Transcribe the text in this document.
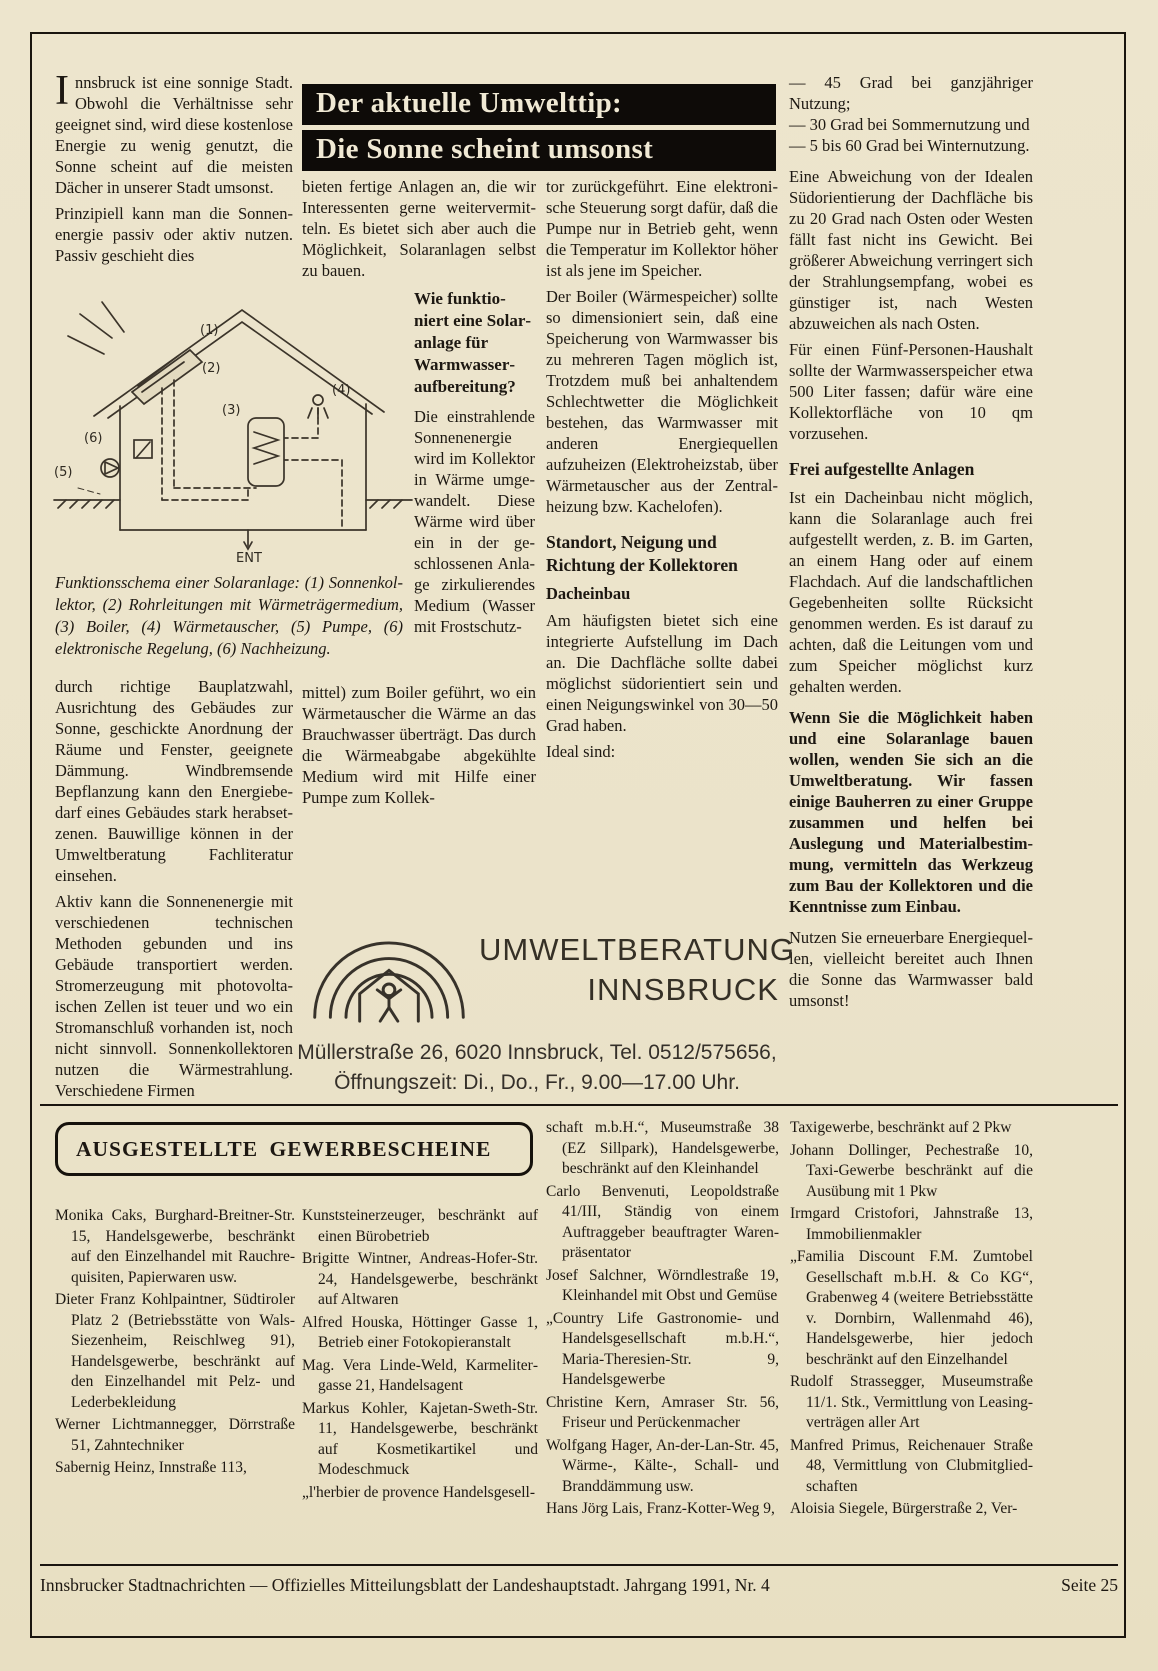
Innsbruck ist eine sonnige Stadt. Obwohl die Verhältnisse sehr geeignet sind, wird diese kostenlose Energie zu wenig genutzt, die Sonne scheint auf die meisten Dächer in unserer Stadt umsonst.

Prinzipiell kann man die Sonnenenergie passiv oder aktiv nutzen. Passiv geschieht dies

Der aktuelle Umwelttip:
Die Sonne scheint umsonst

bieten fertige Anlagen an, die wir Interessenten gerne weitervermitteln. Es bietet sich aber auch die Möglichkeit, Solaranlagen selbst zu bauen.

Wie funktioniert eine Solaranlage für Warmwasseraufbereitung?

Die einstrahlende Sonnenenergie wird im Kollektor in Wärme umgewandelt. Diese Wärme wird über ein in der geschlossenen Anlage zirkulierendes Medium (Wasser mit Frostschutz-

(1)
(2)
(3)
(4)
(5)
(6)
ENT

Funktionsschema einer Solaranlage: (1) Sonnenkollektor, (2) Rohrleitungen mit Wärmeträgermedium, (3) Boiler, (4) Wärmetauscher, (5) Pumpe, (6) elektronische Regelung, (6) Nachheizung.

durch richtige Bauplatzwahl, Ausrichtung des Gebäudes zur Sonne, geschickte Anordnung der Räume und Fenster, geeignete Dämmung. Windbremsende Bepflanzung kann den Energiebedarf eines Gebäudes stark herabsetzenen. Bauwillige können in der Umweltberatung Fachliteratur einsehen.

Aktiv kann die Sonnenenergie mit verschiedenen technischen Methoden gebunden und ins Gebäude transportiert werden. Stromerzeugung mit photovoltaischen Zellen ist teuer und wo ein Stromanschluß vorhanden ist, noch nicht sinnvoll. Sonnenkollektoren nutzen die Wärmestrahlung. Verschiedene Firmen

mittel) zum Boiler geführt, wo ein Wärmetauscher die Wärme an das Brauchwasser überträgt. Das durch die Wärmeabgabe abgekühlte Medium wird mit Hilfe einer Pumpe zum Kollek-

tor zurückgeführt. Eine elektronische Steuerung sorgt dafür, daß die Pumpe nur in Betrieb geht, wenn die Temperatur im Kollektor höher ist als jene im Speicher.

Der Boiler (Wärmespeicher) sollte so dimensioniert sein, daß eine Speicherung von Warmwasser bis zu mehreren Tagen möglich ist, Trotzdem muß bei anhaltendem Schlechtwetter die Möglichkeit bestehen, das Warmwasser mit anderen Energiequellen aufzuheizen (Elektroheizstab, über Wärmetauscher aus der Zentralheizung bzw. Kachelofen).

Standort, Neigung und Richtung der Kollektoren
Dacheinbau

Am häufigsten bietet sich eine integrierte Aufstellung im Dach an. Die Dachfläche sollte dabei möglichst südorientiert sein und einen Neigungswinkel von 30—50 Grad haben.

Ideal sind:

— 45 Grad bei ganzjähriger Nutzung;

— 30 Grad bei Sommernutzung und

— 5 bis 60 Grad bei Winternutzung.

Eine Abweichung von der Idealen Südorientierung der Dachfläche bis zu 20 Grad nach Osten oder Westen fällt fast nicht ins Gewicht. Bei größerer Abweichung verringert sich der Strahlungsempfang, wobei es günstiger ist, nach Westen abzuweichen als nach Osten.

Für einen Fünf-Personen-Haushalt sollte der Warmwasserspeicher etwa 500 Liter fassen; dafür wäre eine Kollektorfläche von 10 qm vorzusehen.

Frei aufgestellte Anlagen

Ist ein Dacheinbau nicht möglich, kann die Solaranlage auch frei aufgestellt werden, z. B. im Garten, an einem Hang oder auf einem Flachdach. Auf die landschaftlichen Gegebenheiten sollte Rücksicht genommen werden. Es ist darauf zu achten, daß die Leitungen vom und zum Speicher möglichst kurz gehalten werden.

Wenn Sie die Möglichkeit haben und eine Solaranlage bauen wollen, wenden Sie sich an die Umweltberatung. Wir fassen einige Bauherren zu einer Gruppe zusammen und helfen bei Auslegung und Materialbestimmung, vermitteln das Werkzeug zum Bau der Kollektoren und die Kenntnisse zum Einbau.

Nutzen Sie erneuerbare Energiequellen, vielleicht bereitet auch Ihnen die Sonne das Warmwasser bald umsonst!

UMWELTBERATUNG
INNSBRUCK
Müllerstraße 26, 6020 Innsbruck, Tel. 0512/575656,
Öffnungszeit: Di., Do., Fr., 9.00—17.00 Uhr.
AUSGESTELLTE GEWERBESCHEINE

Monika Caks, Burghard-Breitner-Str. 15, Handelsgewerbe, beschränkt auf den Einzelhandel mit Rauchrequisiten, Papierwaren usw.

Dieter Franz Kohlpaintner, Südtiroler Platz 2 (Betriebsstätte von Wals-Siezenheim, Reischlweg 91), Handelsgewerbe, beschränkt auf den Einzelhandel mit Pelz- und Lederbekleidung

Werner Lichtmannegger, Dörrstraße 51, Zahntechniker

Sabernig Heinz, Innstraße 113,

Kunststeinerzeuger, beschränkt auf einen Bürobetrieb

Brigitte Wintner, Andreas-Hofer-Str. 24, Handelsgewerbe, beschränkt auf Altwaren

Alfred Houska, Höttinger Gasse 1, Betrieb einer Fotokopieranstalt

Mag. Vera Linde-Weld, Karmelitergasse 21, Handelsagent

Markus Kohler, Kajetan-Sweth-Str. 11, Handelsgewerbe, beschränkt auf Kosmetikartikel und Modeschmuck

„l'herbier de provence Handelsgesell-

schaft m.b.H.“, Museumstraße 38 (EZ Sillpark), Handelsgewerbe, beschränkt auf den Kleinhandel

Carlo Benvenuti, Leopoldstraße 41/III, Ständig von einem Auftraggeber beauftragter Warenpräsentator

Josef Salchner, Wörndlestraße 19, Kleinhandel mit Obst und Gemüse

„Country Life Gastronomie- und Handelsgesellschaft m.b.H.“, Maria-Theresien-Str. 9, Handelsgewerbe

Christine Kern, Amraser Str. 56, Friseur und Perückenmacher

Wolfgang Hager, An-der-Lan-Str. 45, Wärme-, Kälte-, Schall- und Branddämmung usw.

Hans Jörg Lais, Franz-Kotter-Weg 9,

Taxigewerbe, beschränkt auf 2 Pkw

Johann Dollinger, Pechestraße 10, Taxi-Gewerbe beschränkt auf die Ausübung mit 1 Pkw

Irmgard Cristofori, Jahnstraße 13, Immobilienmakler

„Familia Discount F.M. Zumtobel Gesellschaft m.b.H. & Co KG“, Grabenweg 4 (weitere Betriebsstätte v. Dornbirn, Wallenmahd 46), Handelsgewerbe, hier jedoch beschränkt auf den Einzelhandel

Rudolf Strassegger, Museumstraße 11/1. Stk., Vermittlung von Leasingverträgen aller Art

Manfred Primus, Reichenauer Straße 48, Vermittlung von Clubmitgliedschaften

Aloisia Siegele, Bürgerstraße 2, Ver-

Innsbrucker Stadtnachrichten — Offizielles Mitteilungsblatt der Landeshauptstadt. Jahrgang 1991, Nr. 4	Seite 25
